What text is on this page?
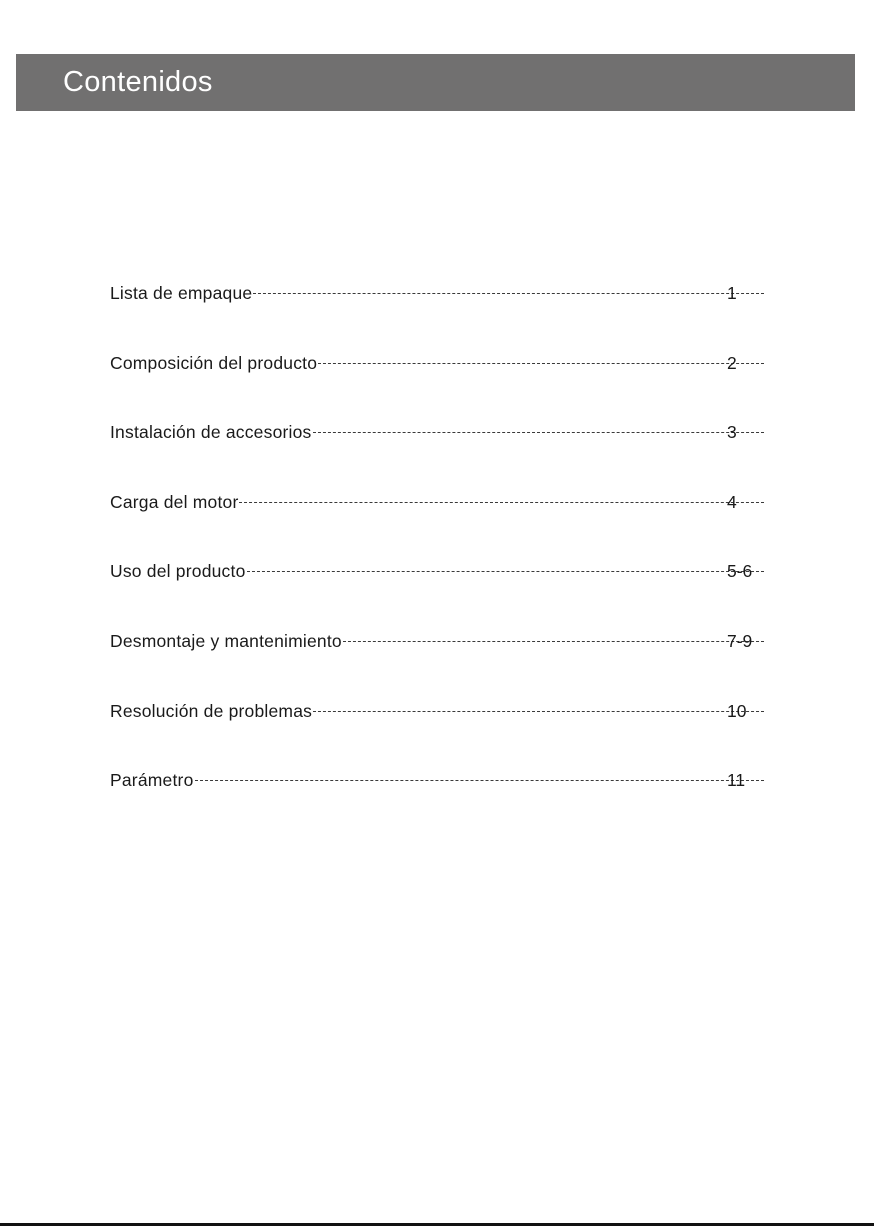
Contenidos
Lista de empaque	1
Composición del producto	2
Instalación de accesorios	3
Carga del motor	4
Uso del producto	5-6
Desmontaje y mantenimiento	7-9
Resolución de problemas	10
Parámetro	11
